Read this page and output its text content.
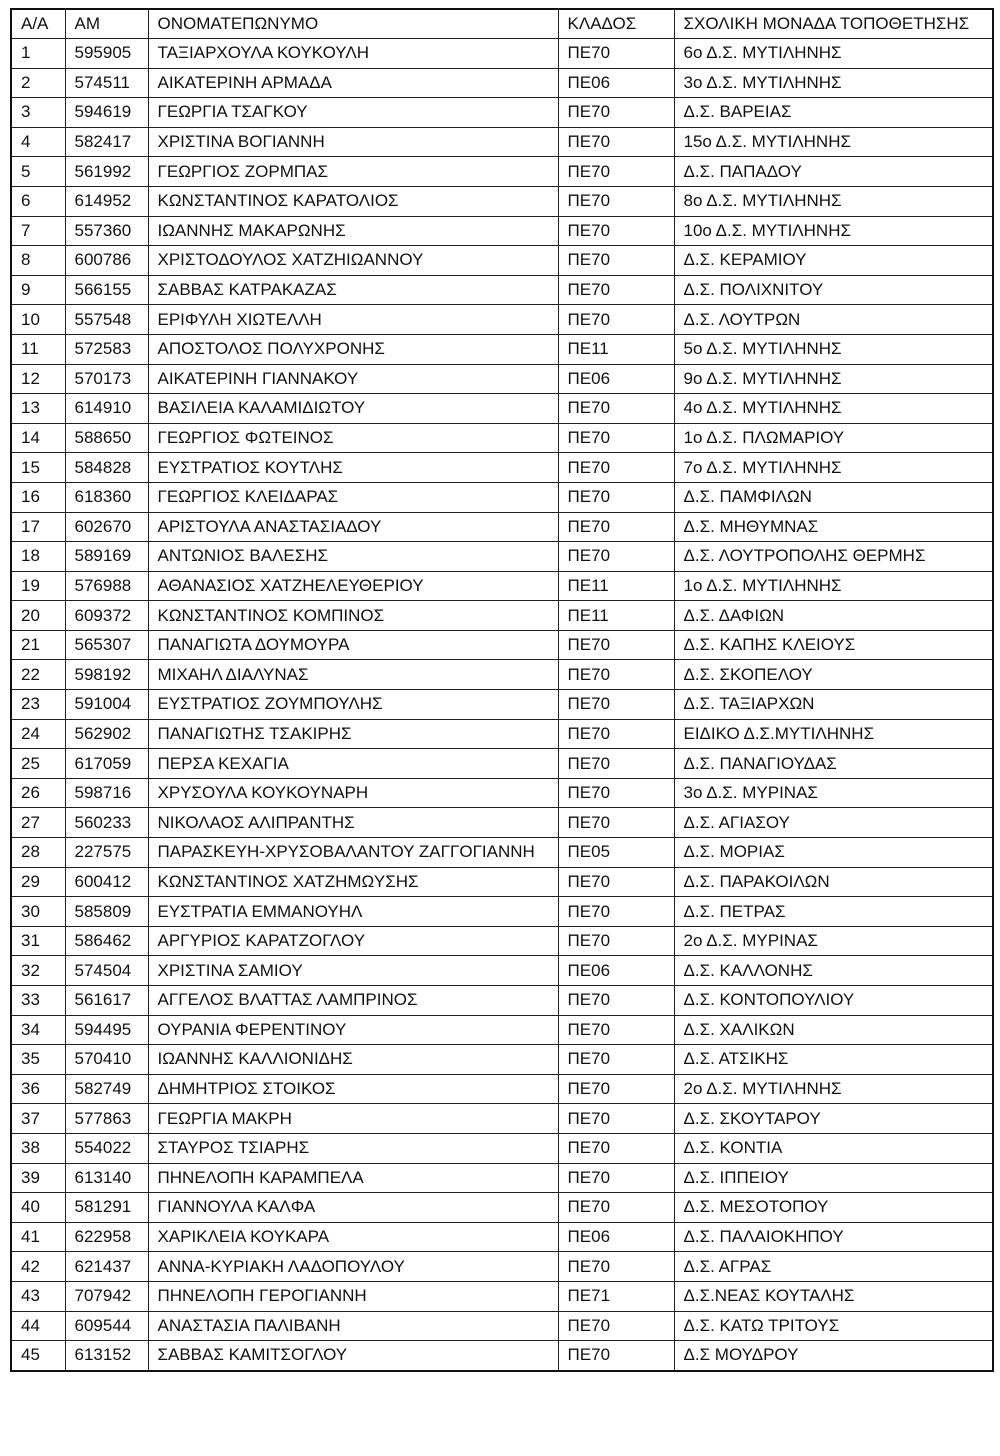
Α/Α	ΑΜ	ΟΝΟΜΑΤΕΠΩΝΥΜΟ	ΚΛΑΔΟΣ	ΣΧΟΛΙΚΗ ΜΟΝΑΔΑ ΤΟΠΟΘΕΤΗΣΗΣ
1	595905	ΤΑΞΙΑΡΧΟΥΛΑ ΚΟΥΚΟΥΛΗ	ΠΕ70	6ο Δ.Σ. ΜΥΤΙΛΗΝΗΣ
2	574511	ΑΙΚΑΤΕΡΙΝΗ ΑΡΜΑΔΑ	ΠΕ06	3ο Δ.Σ. ΜΥΤΙΛΗΝΗΣ
3	594619	ΓΕΩΡΓΙΑ ΤΣΑΓΚΟΥ	ΠΕ70	Δ.Σ. ΒΑΡΕΙΑΣ
4	582417	ΧΡΙΣΤΙΝΑ ΒΟΓΙΑΝΝΗ	ΠΕ70	15ο Δ.Σ. ΜΥΤΙΛΗΝΗΣ
5	561992	ΓΕΩΡΓΙΟΣ ΖΟΡΜΠΑΣ	ΠΕ70	Δ.Σ. ΠΑΠΑΔΟΥ
6	614952	ΚΩΝΣΤΑΝΤΙΝΟΣ ΚΑΡΑΤΟΛΙΟΣ	ΠΕ70	8ο Δ.Σ. ΜΥΤΙΛΗΝΗΣ
7	557360	ΙΩΑΝΝΗΣ ΜΑΚΑΡΩΝΗΣ	ΠΕ70	10ο Δ.Σ. ΜΥΤΙΛΗΝΗΣ
8	600786	ΧΡΙΣΤΟΔΟΥΛΟΣ ΧΑΤΖΗΙΩΑΝΝΟΥ	ΠΕ70	Δ.Σ. ΚΕΡΑΜΙΟΥ
9	566155	ΣΑΒΒΑΣ ΚΑΤΡΑΚΑΖΑΣ	ΠΕ70	Δ.Σ. ΠΟΛΙΧΝΙΤΟΥ
10	557548	ΕΡΙΦΥΛΗ ΧΙΩΤΕΛΛΗ	ΠΕ70	Δ.Σ. ΛΟΥΤΡΩΝ
11	572583	ΑΠΟΣΤΟΛΟΣ ΠΟΛΥΧΡΟΝΗΣ	ΠΕ11	5ο Δ.Σ. ΜΥΤΙΛΗΝΗΣ
12	570173	ΑΙΚΑΤΕΡΙΝΗ ΓΙΑΝΝΑΚΟΥ	ΠΕ06	9ο Δ.Σ. ΜΥΤΙΛΗΝΗΣ
13	614910	ΒΑΣΙΛΕΙΑ ΚΑΛΑΜΙΔΙΩΤΟΥ	ΠΕ70	4ο Δ.Σ. ΜΥΤΙΛΗΝΗΣ
14	588650	ΓΕΩΡΓΙΟΣ ΦΩΤΕΙΝΟΣ	ΠΕ70	1ο Δ.Σ. ΠΛΩΜΑΡΙΟΥ
15	584828	ΕΥΣΤΡΑΤΙΟΣ ΚΟΥΤΛΗΣ	ΠΕ70	7ο Δ.Σ. ΜΥΤΙΛΗΝΗΣ
16	618360	ΓΕΩΡΓΙΟΣ ΚΛΕΙΔΑΡΑΣ	ΠΕ70	Δ.Σ. ΠΑΜΦΙΛΩΝ
17	602670	ΑΡΙΣΤΟΥΛΑ ΑΝΑΣΤΑΣΙΑΔΟΥ	ΠΕ70	Δ.Σ. ΜΗΘΥΜΝΑΣ
18	589169	ΑΝΤΩΝΙΟΣ ΒΑΛΕΣΗΣ	ΠΕ70	Δ.Σ. ΛΟΥΤΡΟΠΟΛΗΣ ΘΕΡΜΗΣ
19	576988	ΑΘΑΝΑΣΙΟΣ ΧΑΤΖΗΕΛΕΥΘΕΡΙΟΥ	ΠΕ11	1ο Δ.Σ. ΜΥΤΙΛΗΝΗΣ
20	609372	ΚΩΝΣΤΑΝΤΙΝΟΣ ΚΟΜΠΙΝΟΣ	ΠΕ11	Δ.Σ. ΔΑΦΙΩΝ
21	565307	ΠΑΝΑΓΙΩΤΑ ΔΟΥΜΟΥΡΑ	ΠΕ70	Δ.Σ. ΚΑΠΗΣ ΚΛΕΙΟΥΣ
22	598192	ΜΙΧΑΗΛ ΔΙΑΛΥΝΑΣ	ΠΕ70	Δ.Σ. ΣΚΟΠΕΛΟΥ
23	591004	ΕΥΣΤΡΑΤΙΟΣ ΖΟΥΜΠΟΥΛΗΣ	ΠΕ70	Δ.Σ. ΤΑΞΙΑΡΧΩΝ
24	562902	ΠΑΝΑΓΙΩΤΗΣ ΤΣΑΚΙΡΗΣ	ΠΕ70	ΕΙΔΙΚΟ Δ.Σ.ΜΥΤΙΛΗΝΗΣ
25	617059	ΠΕΡΣΑ ΚΕΧΑΓΙΑ	ΠΕ70	Δ.Σ. ΠΑΝΑΓΙΟΥΔΑΣ
26	598716	ΧΡΥΣΟΥΛΑ ΚΟΥΚΟΥΝΑΡΗ	ΠΕ70	3ο Δ.Σ. ΜΥΡΙΝΑΣ
27	560233	ΝΙΚΟΛΑΟΣ ΑΛΙΠΡΑΝΤΗΣ	ΠΕ70	Δ.Σ. ΑΓΙΑΣΟΥ
28	227575	ΠΑΡΑΣΚΕΥΗ-ΧΡΥΣΟΒΑΛΑΝΤΟΥ ΖΑΓΓΟΓΙΑΝΝΗ	ΠΕ05	Δ.Σ. ΜΟΡΙΑΣ
29	600412	ΚΩΝΣΤΑΝΤΙΝΟΣ ΧΑΤΖΗΜΩΥΣΗΣ	ΠΕ70	Δ.Σ. ΠΑΡΑΚΟΙΛΩΝ
30	585809	ΕΥΣΤΡΑΤΙΑ ΕΜΜΑΝΟΥΗΛ	ΠΕ70	Δ.Σ. ΠΕΤΡΑΣ
31	586462	ΑΡΓΥΡΙΟΣ ΚΑΡΑΤΖΟΓΛΟΥ	ΠΕ70	2ο Δ.Σ. ΜΥΡΙΝΑΣ
32	574504	ΧΡΙΣΤΙΝΑ ΣΑΜΙΟΥ	ΠΕ06	Δ.Σ. ΚΑΛΛΟΝΗΣ
33	561617	ΑΓΓΕΛΟΣ ΒΛΑΤΤΑΣ ΛΑΜΠΡΙΝΟΣ	ΠΕ70	Δ.Σ. ΚΟΝΤΟΠΟΥΛΙΟΥ
34	594495	ΟΥΡΑΝΙΑ ΦΕΡΕΝΤΙΝΟΥ	ΠΕ70	Δ.Σ. ΧΑΛΙΚΩΝ
35	570410	ΙΩΑΝΝΗΣ ΚΑΛΛΙΟΝΙΔΗΣ	ΠΕ70	Δ.Σ. ΑΤΣΙΚΗΣ
36	582749	ΔΗΜΗΤΡΙΟΣ ΣΤΟΙΚΟΣ	ΠΕ70	2ο Δ.Σ. ΜΥΤΙΛΗΝΗΣ
37	577863	ΓΕΩΡΓΙΑ ΜΑΚΡΗ	ΠΕ70	Δ.Σ. ΣΚΟΥΤΑΡΟΥ
38	554022	ΣΤΑΥΡΟΣ ΤΣΙΑΡΗΣ	ΠΕ70	Δ.Σ. ΚΟΝΤΙΑ
39	613140	ΠΗΝΕΛΟΠΗ ΚΑΡΑΜΠΕΛΑ	ΠΕ70	Δ.Σ. ΙΠΠΕΙΟΥ
40	581291	ΓΙΑΝΝΟΥΛΑ ΚΑΛΦΑ	ΠΕ70	Δ.Σ. ΜΕΣΟΤΟΠΟΥ
41	622958	ΧΑΡΙΚΛΕΙΑ ΚΟΥΚΑΡΑ	ΠΕ06	Δ.Σ. ΠΑΛΑΙΟΚΗΠΟΥ
42	621437	ΑΝΝΑ-ΚΥΡΙΑΚΗ ΛΑΔΟΠΟΥΛΟΥ	ΠΕ70	Δ.Σ. ΑΓΡΑΣ
43	707942	ΠΗΝΕΛΟΠΗ ΓΕΡΟΓΙΑΝΝΗ	ΠΕ71	Δ.Σ.ΝΕΑΣ ΚΟΥΤΑΛΗΣ
44	609544	ΑΝΑΣΤΑΣΙΑ ΠΑΛΙΒΑΝΗ	ΠΕ70	Δ.Σ. ΚΑΤΩ ΤΡΙΤΟΥΣ
45	613152	ΣΑΒΒΑΣ ΚΑΜΙΤΣΟΓΛΟΥ	ΠΕ70	Δ.Σ ΜΟΥΔΡΟΥ
